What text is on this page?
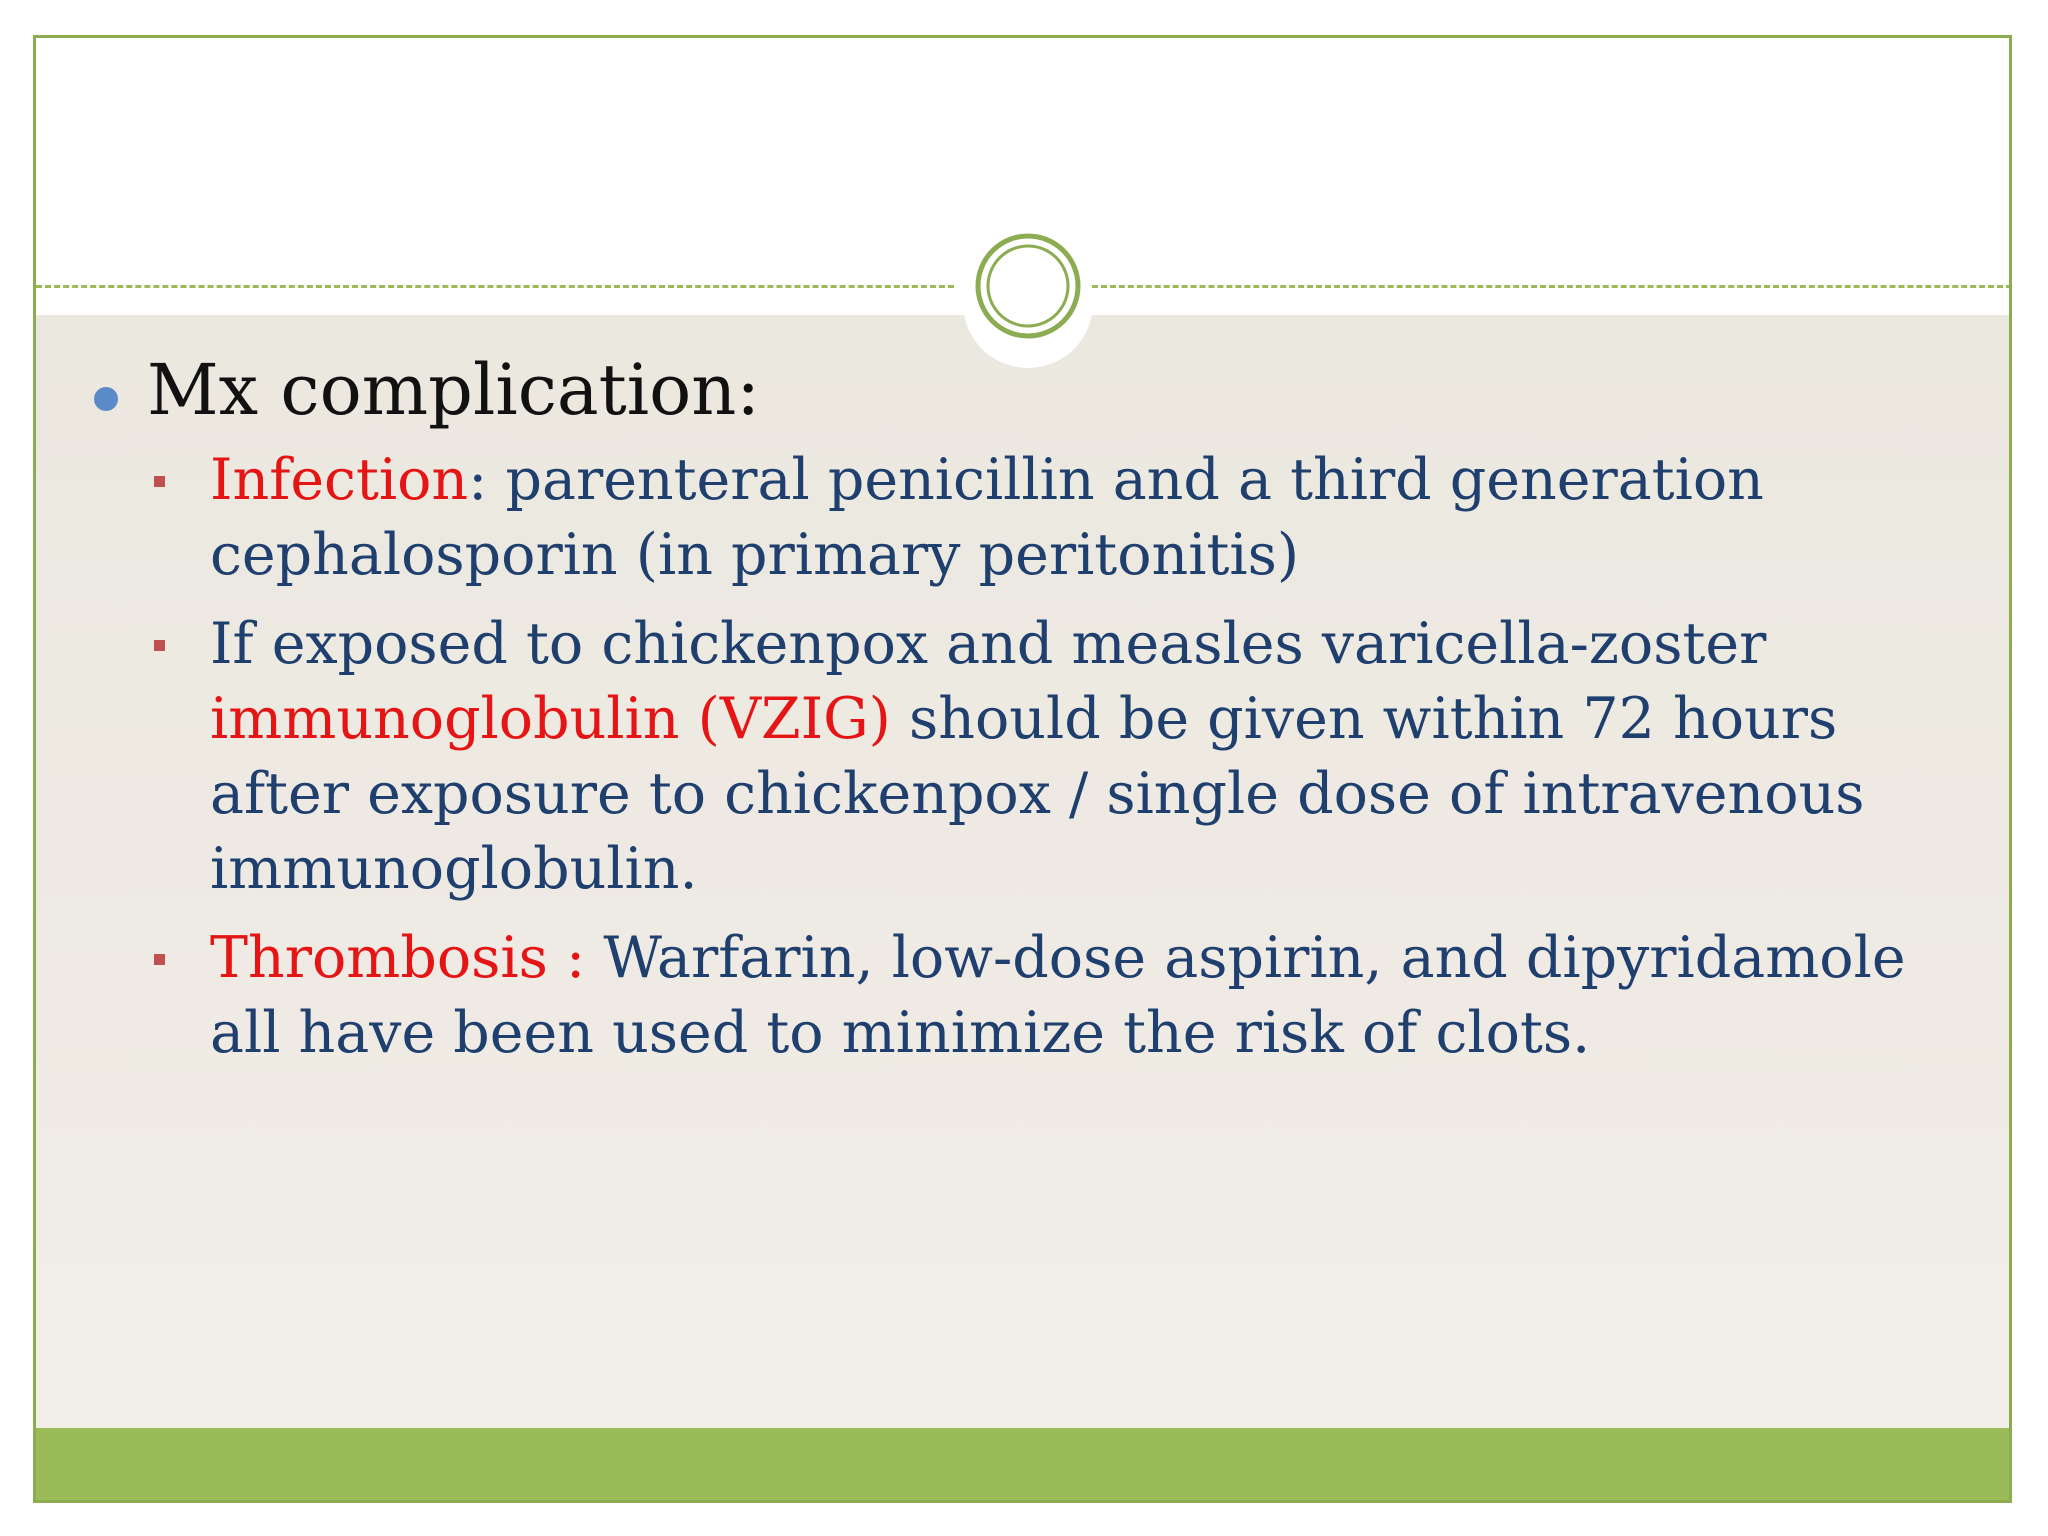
Mx complication:
Infection: parenteral penicillin and a third generation cephalosporin (in primary peritonitis)
If exposed to chickenpox and measles varicella-zoster immunoglobulin (VZIG) should be given within 72 hours after exposure to chickenpox / single dose of intravenous immunoglobulin.
Thrombosis : Warfarin, low-dose aspirin, and dipyridamole all have been used to minimize the risk of clots.
